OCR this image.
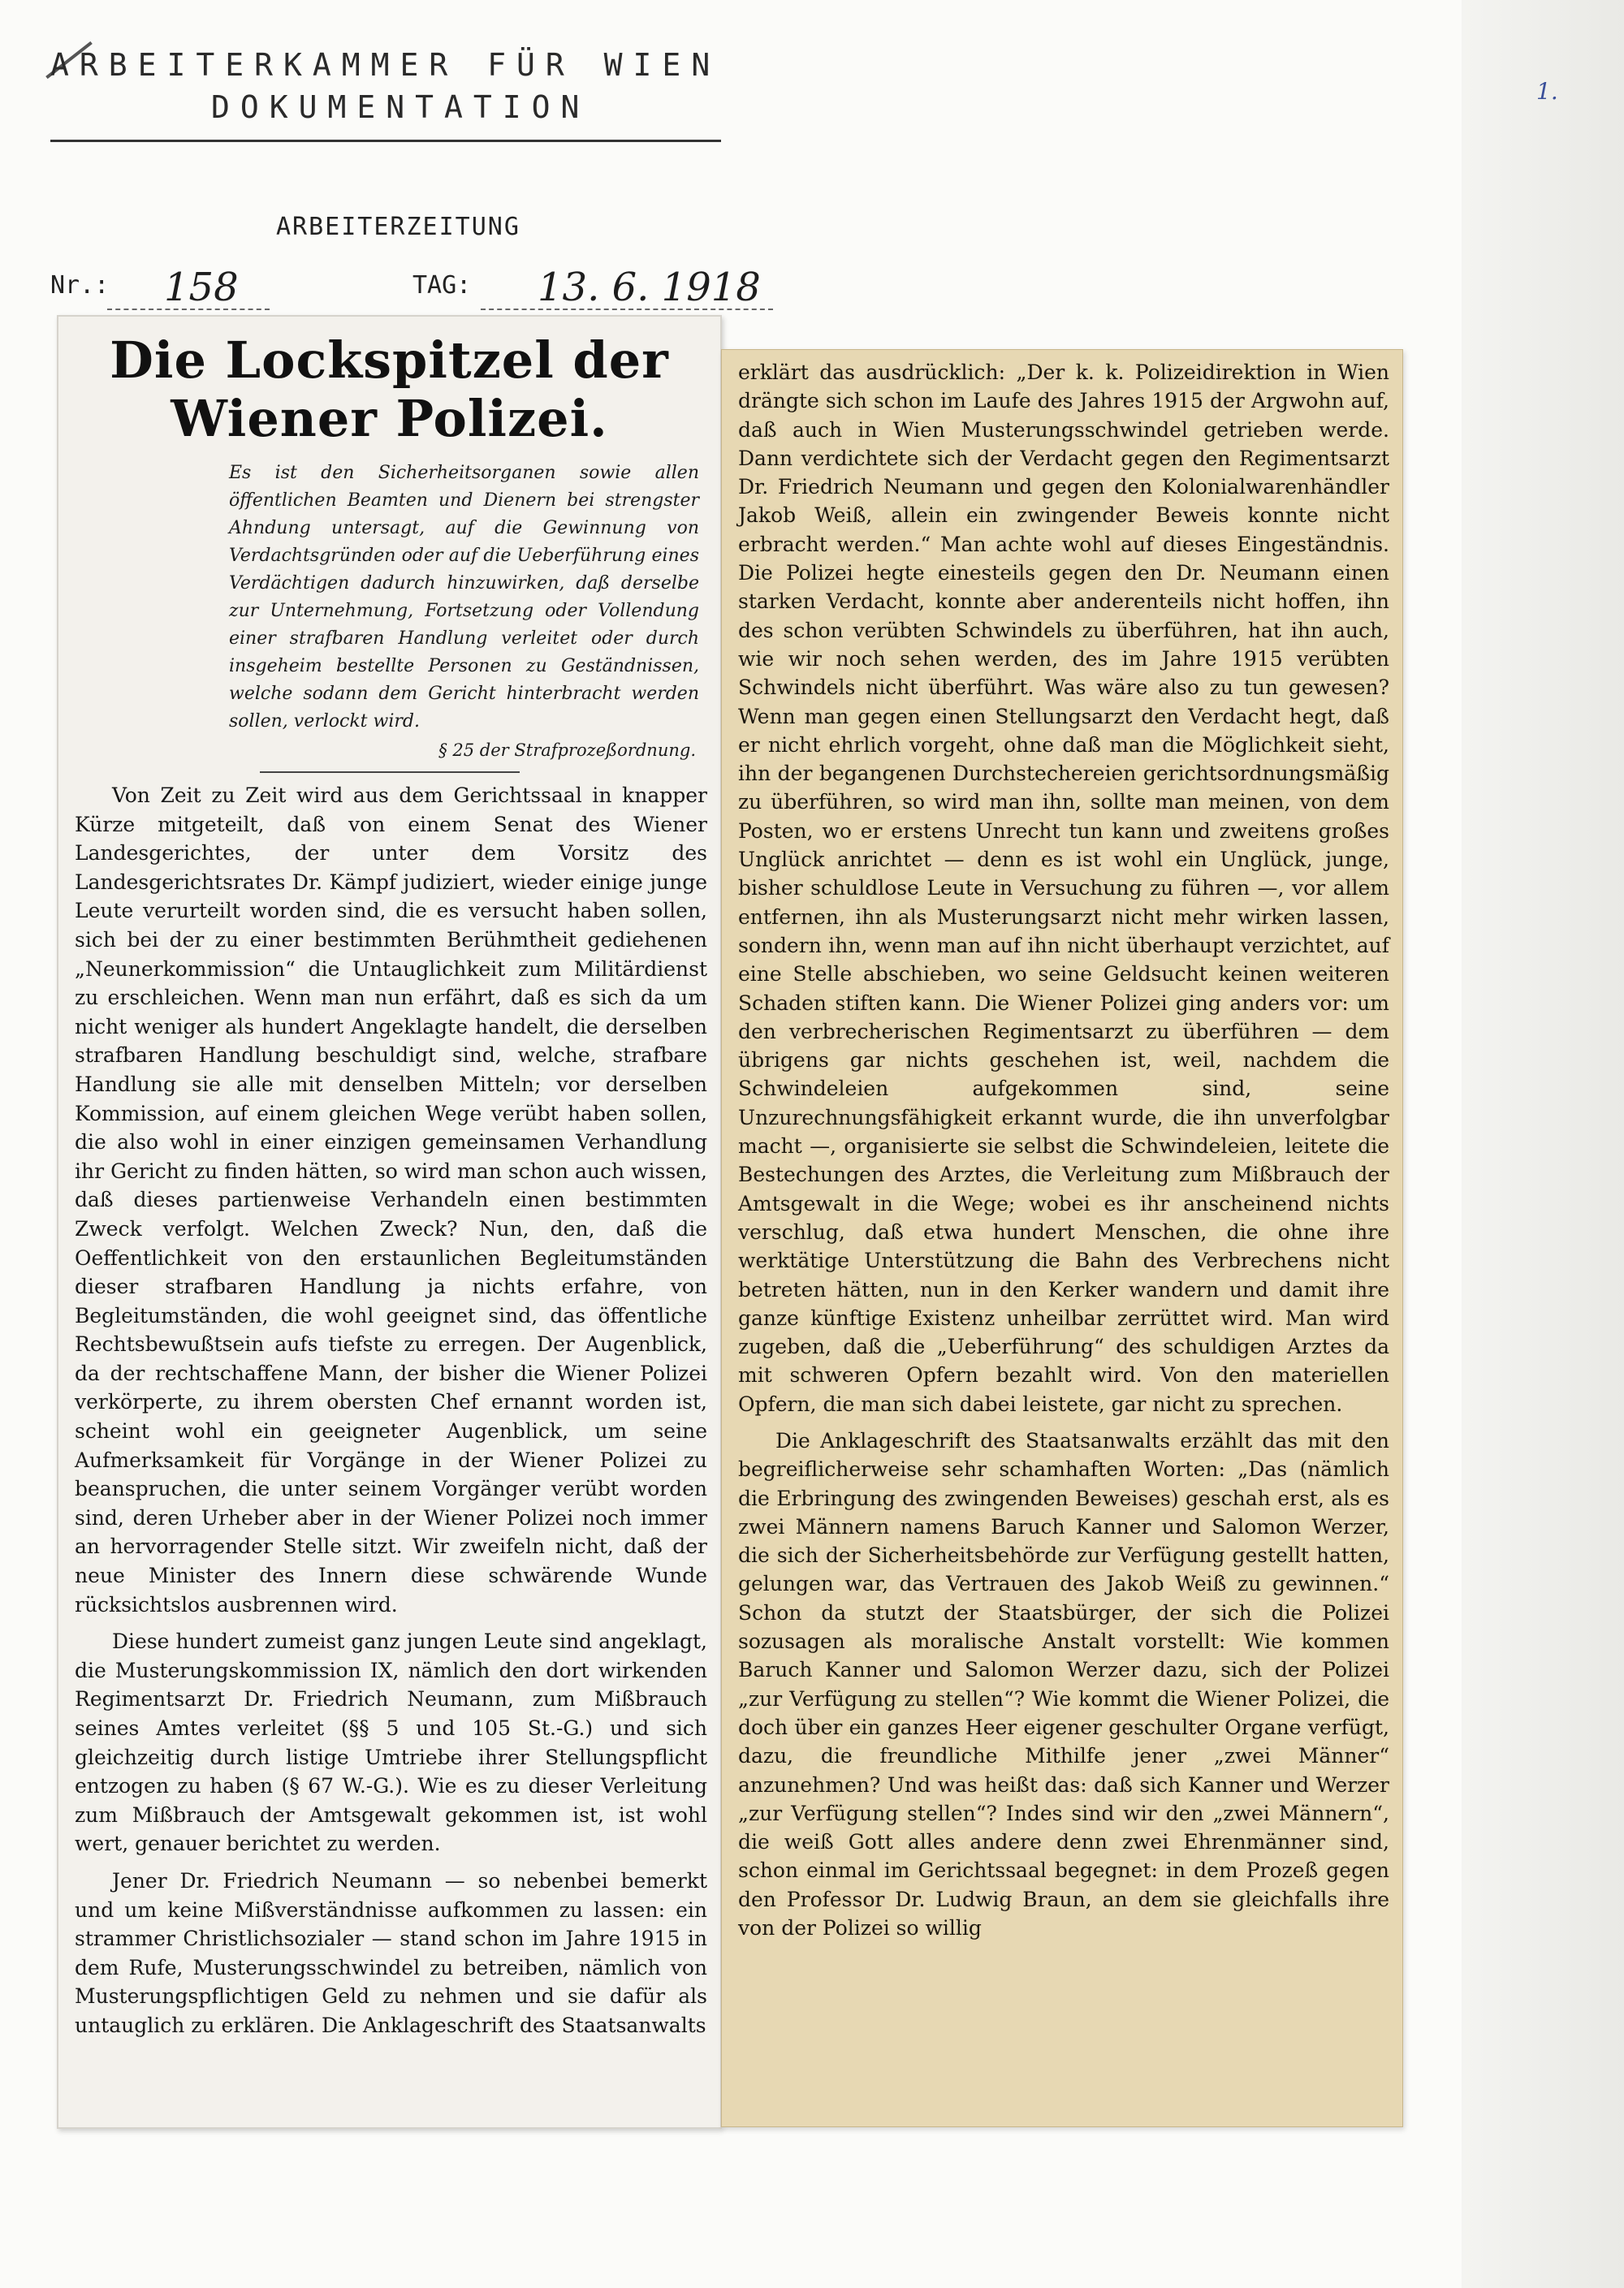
ARBEITERKAMMER FÜR WIEN
DOKUMENTATION	1.
ARBEITERZEITUNG
Nr.: 158	TAG: 13. 6. 1918
Die Lockspitzel der Wiener Polizei.
Es ist den Sicherheitsorganen sowie allen öffentlichen Beamten und Dienern bei strengster Ahndung untersagt, auf die Gewinnung von Verdachtsgründen oder auf die Ueberführung eines Verdächtigen dadurch hinzuwirken, daß derselbe zur Unternehmung, Fortsetzung oder Vollendung einer strafbaren Handlung verleitet oder durch insgeheim bestellte Personen zu Geständnissen, welche sodann dem Gericht hinterbracht werden sollen, verlockt wird.
§ 25 der Strafprozeßordnung.

Von Zeit zu Zeit wird aus dem Gerichtssaal in knapper Kürze mitgeteilt, daß von einem Senat des Wiener Landesgerichtes, der unter dem Vorsitz des Landesgerichtsrates Dr. Kämpf judiziert, wieder einige junge Leute verurteilt worden sind, die es versucht haben sollen, sich bei der zu einer bestimmten Berühmtheit gediehenen „Neunerkommission“ die Untauglichkeit zum Militärdienst zu erschleichen. Wenn man nun erfährt, daß es sich da um nicht weniger als hundert Angeklagte handelt, die derselben strafbaren Handlung beschuldigt sind, welche, strafbare Handlung sie alle mit denselben Mitteln; vor derselben Kommission, auf einem gleichen Wege verübt haben sollen, die also wohl in einer einzigen gemeinsamen Verhandlung ihr Gericht zu finden hätten, so wird man schon auch wissen, daß dieses partienweise Verhandeln einen bestimmten Zweck verfolgt. Welchen Zweck? Nun, den, daß die Oeffentlichkeit von den erstaunlichen Begleitumständen dieser strafbaren Handlung ja nichts erfahre, von Begleitumständen, die wohl geeignet sind, das öffentliche Rechtsbewußtsein aufs tiefste zu erregen. Der Augenblick, da der rechtschaffene Mann, der bisher die Wiener Polizei verkörperte, zu ihrem obersten Chef ernannt worden ist, scheint wohl ein geeigneter Augenblick, um seine Aufmerksamkeit für Vorgänge in der Wiener Polizei zu beanspruchen, die unter seinem Vorgänger verübt worden sind, deren Urheber aber in der Wiener Polizei noch immer an hervorragender Stelle sitzt. Wir zweifeln nicht, daß der neue Minister des Innern diese schwärende Wunde rücksichtslos ausbrennen wird.

Diese hundert zumeist ganz jungen Leute sind angeklagt, die Musterungskommission IX, nämlich den dort wirkenden Regimentsarzt Dr. Friedrich Neumann, zum Mißbrauch seines Amtes verleitet (§§ 5 und 105 St.-G.) und sich gleichzeitig durch listige Umtriebe ihrer Stellungspflicht entzogen zu haben (§ 67 W.-G.). Wie es zu dieser Verleitung zum Mißbrauch der Amtsgewalt gekommen ist, ist wohl wert, genauer berichtet zu werden.

Jener Dr. Friedrich Neumann — so nebenbei bemerkt und um keine Mißverständnisse aufkommen zu lassen: ein strammer Christlichsozialer — stand schon im Jahre 1915 in dem Rufe, Musterungsschwindel zu betreiben, nämlich von Musterungspflichtigen Geld zu nehmen und sie dafür als untauglich zu erklären. Die Anklageschrift des Staatsanwalts

erklärt das ausdrücklich: „Der k. k. Polizeidirektion in Wien drängte sich schon im Laufe des Jahres 1915 der Argwohn auf, daß auch in Wien Musterungsschwindel getrieben werde. Dann verdichtete sich der Verdacht gegen den Regimentsarzt Dr. Friedrich Neumann und gegen den Kolonialwarenhändler Jakob Weiß, allein ein zwingender Beweis konnte nicht erbracht werden.“ Man achte wohl auf dieses Eingeständnis. Die Polizei hegte einesteils gegen den Dr. Neumann einen starken Verdacht, konnte aber anderenteils nicht hoffen, ihn des schon verübten Schwindels zu überführen, hat ihn auch, wie wir noch sehen werden, des im Jahre 1915 verübten Schwindels nicht überführt. Was wäre also zu tun gewesen? Wenn man gegen einen Stellungsarzt den Verdacht hegt, daß er nicht ehrlich vorgeht, ohne daß man die Möglichkeit sieht, ihn der begangenen Durchstechereien gerichtsordnungsmäßig zu überführen, so wird man ihn, sollte man meinen, von dem Posten, wo er erstens Unrecht tun kann und zweitens großes Unglück anrichtet — denn es ist wohl ein Unglück, junge, bisher schuldlose Leute in Versuchung zu führen —, vor allem entfernen, ihn als Musterungsarzt nicht mehr wirken lassen, sondern ihn, wenn man auf ihn nicht überhaupt verzichtet, auf eine Stelle abschieben, wo seine Geldsucht keinen weiteren Schaden stiften kann. Die Wiener Polizei ging anders vor: um den verbrecherischen Regimentsarzt zu überführen — dem übrigens gar nichts geschehen ist, weil, nachdem die Schwindeleien aufgekommen sind, seine Unzurechnungsfähigkeit erkannt wurde, die ihn unverfolgbar macht —, organisierte sie selbst die Schwindeleien, leitete die Bestechungen des Arztes, die Verleitung zum Mißbrauch der Amtsgewalt in die Wege; wobei es ihr anscheinend nichts verschlug, daß etwa hundert Menschen, die ohne ihre werktätige Unterstützung die Bahn des Verbrechens nicht betreten hätten, nun in den Kerker wandern und damit ihre ganze künftige Existenz unheilbar zerrüttet wird. Man wird zugeben, daß die „Ueberführung“ des schuldigen Arztes da mit schweren Opfern bezahlt wird. Von den materiellen Opfern, die man sich dabei leistete, gar nicht zu sprechen.

Die Anklageschrift des Staatsanwalts erzählt das mit den begreiflicherweise sehr schamhaften Worten: „Das (nämlich die Erbringung des zwingenden Beweises) geschah erst, als es zwei Männern namens Baruch Kanner und Salomon Werzer, die sich der Sicherheitsbehörde zur Verfügung gestellt hatten, gelungen war, das Vertrauen des Jakob Weiß zu gewinnen.“ Schon da stutzt der Staatsbürger, der sich die Polizei sozusagen als moralische Anstalt vorstellt: Wie kommen Baruch Kanner und Salomon Werzer dazu, sich der Polizei „zur Verfügung zu stellen“? Wie kommt die Wiener Polizei, die doch über ein ganzes Heer eigener geschulter Organe verfügt, dazu, die freundliche Mithilfe jener „zwei Männer“ anzunehmen? Und was heißt das: daß sich Kanner und Werzer „zur Verfügung stellen“? Indes sind wir den „zwei Männern“, die weiß Gott alles andere denn zwei Ehrenmänner sind, schon einmal im Gerichtssaal begegnet: in dem Prozeß gegen den Professor Dr. Ludwig Braun, an dem sie gleichfalls ihre von der Polizei so willig
